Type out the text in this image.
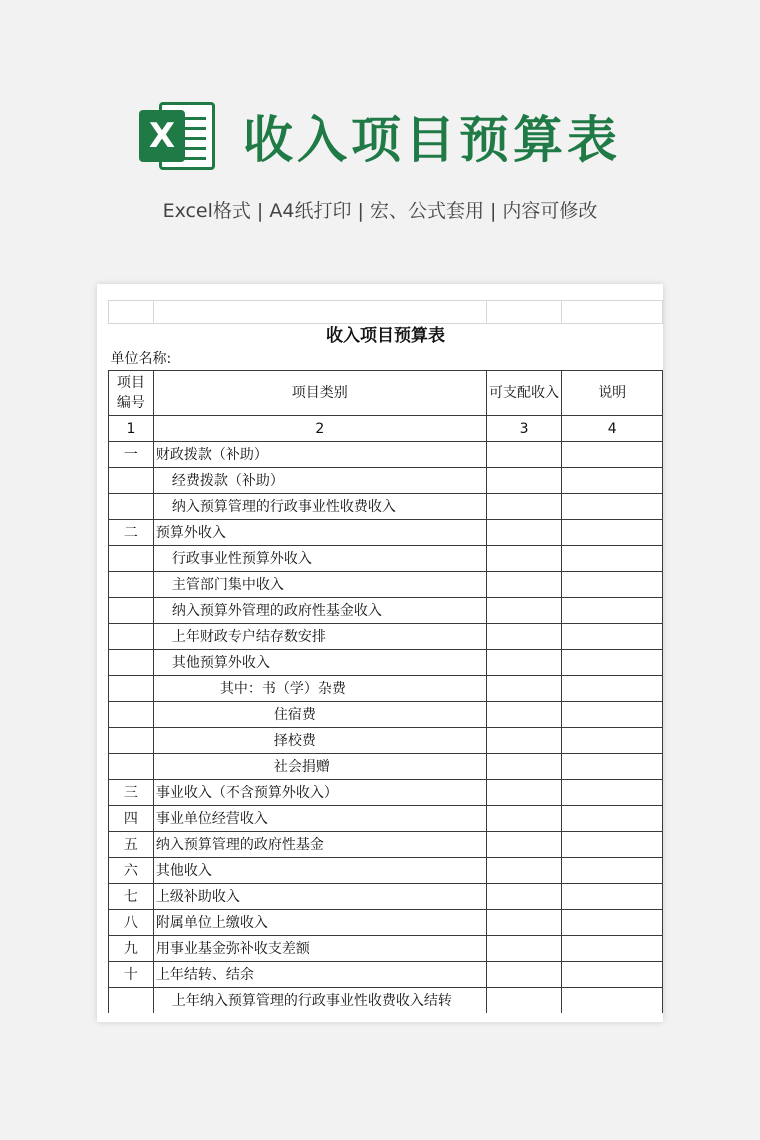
X 收入项目预算表
Excel格式 | A4纸打印 | 宏、公式套用 | 内容可修改

收入项目预算表			
单位名称:			
项目编号	项目类别	可支配收入	说明
1	2	3	4
一	财政拨款（补助）		
	经费拨款（补助）		
	纳入预算管理的行政事业性收费收入		
二	预算外收入		
	行政事业性预算外收入		
	主管部门集中收入		
	纳入预算外管理的政府性基金收入		
	上年财政专户结存数安排		
	其他预算外收入		
	其中：书（学）杂费		
	住宿费		
	择校费		
	社会捐赠		
三	事业收入（不含预算外收入）		
四	事业单位经营收入		
五	纳入预算管理的政府性基金		
六	其他收入		
七	上级补助收入		
八	附属单位上缴收入		
九	用事业基金弥补收支差额		
十	上年结转、结余		
	上年纳入预算管理的行政事业性收费收入结转		
